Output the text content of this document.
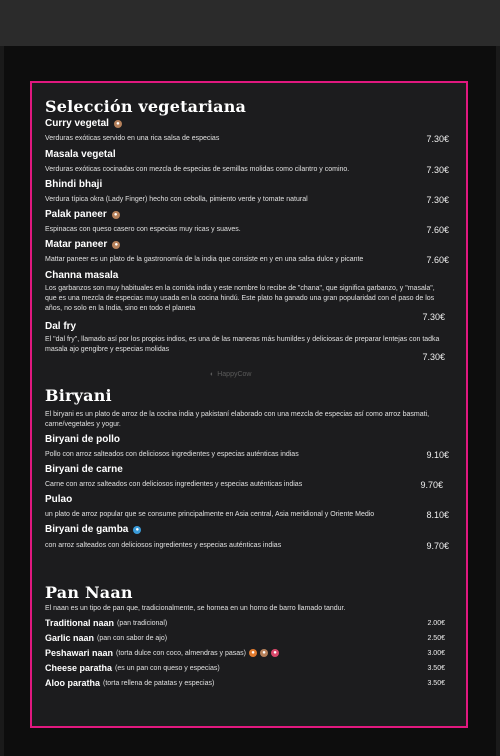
Selección vegetariana
Curry vegetal	●
Verduras exóticas servido en una rica salsa de especias	7.30€
Masala vegetal
Verduras exóticas cocinadas con mezcla de especias de semillas molidas como cilantro y comino.	7.30€
Bhindi bhaji
Verdura típica okra (Lady Finger) hecho con cebolla, pimiento verde y tomate natural	7.30€
Palak paneer	●
Espinacas con queso casero con especias muy ricas y suaves.	7.60€
Matar paneer	●
Mattar paneer es un plato de la gastronomía de la india que consiste en y en una salsa dulce y picante	7.60€
Channa masala
Los garbanzos son muy habituales en la comida india y este nombre lo recibe de "chana", que significa garbanzo, y "masala", que es una mezcla de especias muy usada en la cocina hindú. Este plato ha ganado una gran popularidad con el paso de los años, no solo en la India, sino en todo el planeta
7.30€
Dal fry
El "dal fry", llamado así por los propios indios, es una de las maneras más humildes y deliciosas de preparar lentejas con tadka masala ajo gengibre y especias molidas
7.30€
◐ HappyCow
Biryani
El biryani es un plato de arroz de la cocina india y pakistaní elaborado con una mezcla de especias así como arroz basmati, carne/vegetales y yogur.
Biryani de pollo
Pollo con arroz salteados con deliciosos ingredientes y especias auténticas indias	9.10€
Biryani de carne
Carne con arroz salteados con deliciosos ingredientes y especias auténticas indias	9.70€
Pulao
un plato de arroz popular que se consume principalmente en Asia central, Asia meridional y Oriente Medio	8.10€
Biryani de gamba	●
con arroz salteados con deliciosos ingredientes y especias auténticas indias	9.70€
Pan Naan
El naan es un tipo de pan que, tradicionalmente, se hornea en un horno de barro llamado tandur.
Traditional naan (pan tradicional)	2.00€
Garlic naan (pan con sabor de ajo)	2.50€
Peshawari naan (torta dulce con coco, almendras y pasas) ●	●	●	3.00€
Cheese paratha (es un pan con queso y especias)	3.50€
Aloo paratha (torta rellena de patatas y especias)	3.50€
